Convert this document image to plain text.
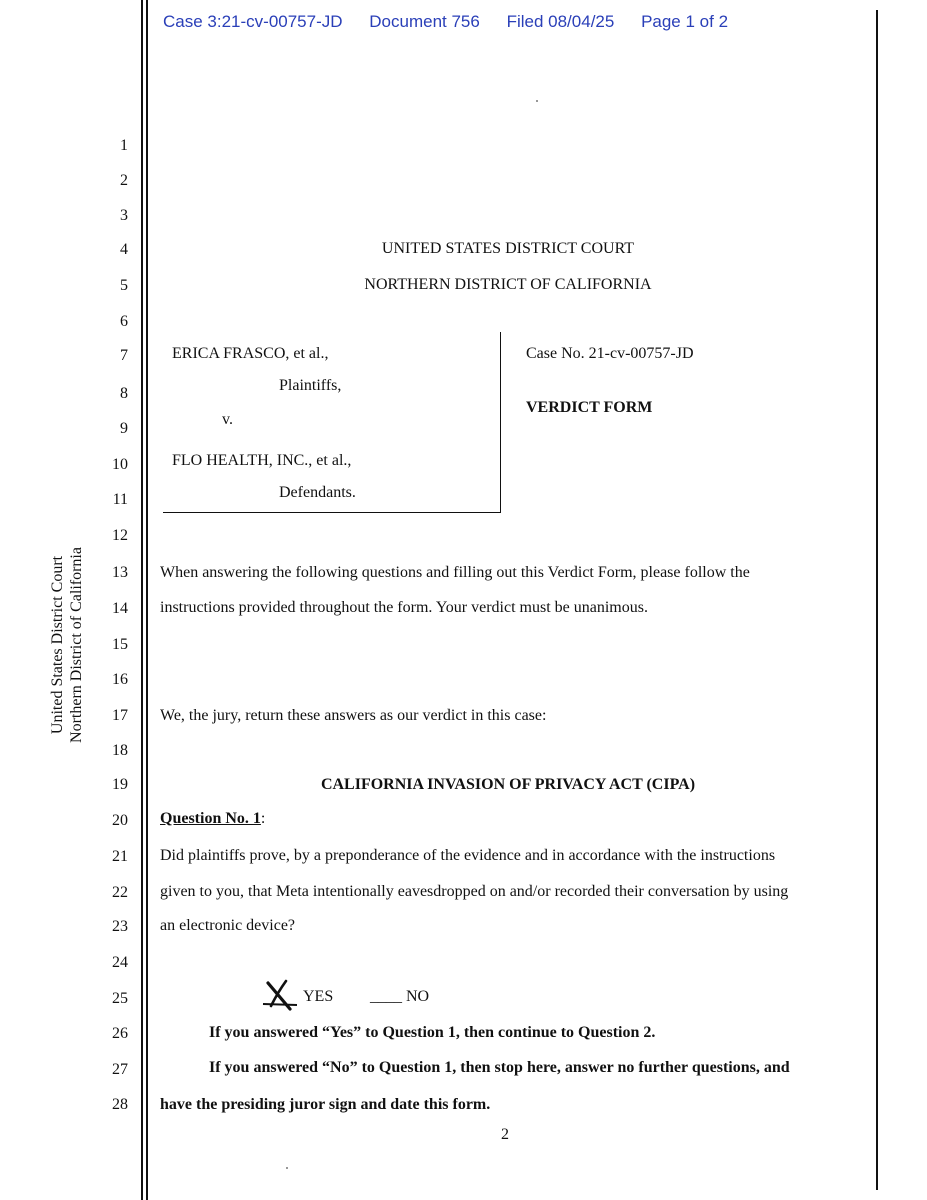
Case 3:21-cv-00757-JD Document 756 Filed 08/04/25 Page 1 of 2
United States District Court Northern District of California
1
2
3
4
5
6
7
8
9
10
11
12
13
14
15
16
17
18
19
20
21
22
23
24
25
26
27
28
UNITED STATES DISTRICT COURT
NORTHERN DISTRICT OF CALIFORNIA
ERICA FRASCO, et al.,
Plaintiffs,
v.
FLO HEALTH, INC., et al.,
Defendants.
Case No. 21-cv-00757-JD
VERDICT FORM
When answering the following questions and filling out this Verdict Form, please follow the
instructions provided throughout the form. Your verdict must be unanimous.
We, the jury, return these answers as our verdict in this case:
CALIFORNIA INVASION OF PRIVACY ACT (CIPA)
Question No. 1:
Did plaintiffs prove, by a preponderance of the evidence and in accordance with the instructions
given to you, that Meta intentionally eavesdropped on and/or recorded their conversation by using
an electronic device?
YES ____ NO
If you answered “Yes” to Question 1, then continue to Question 2.
If you answered “No” to Question 1, then stop here, answer no further questions, and
have the presiding juror sign and date this form.
2
